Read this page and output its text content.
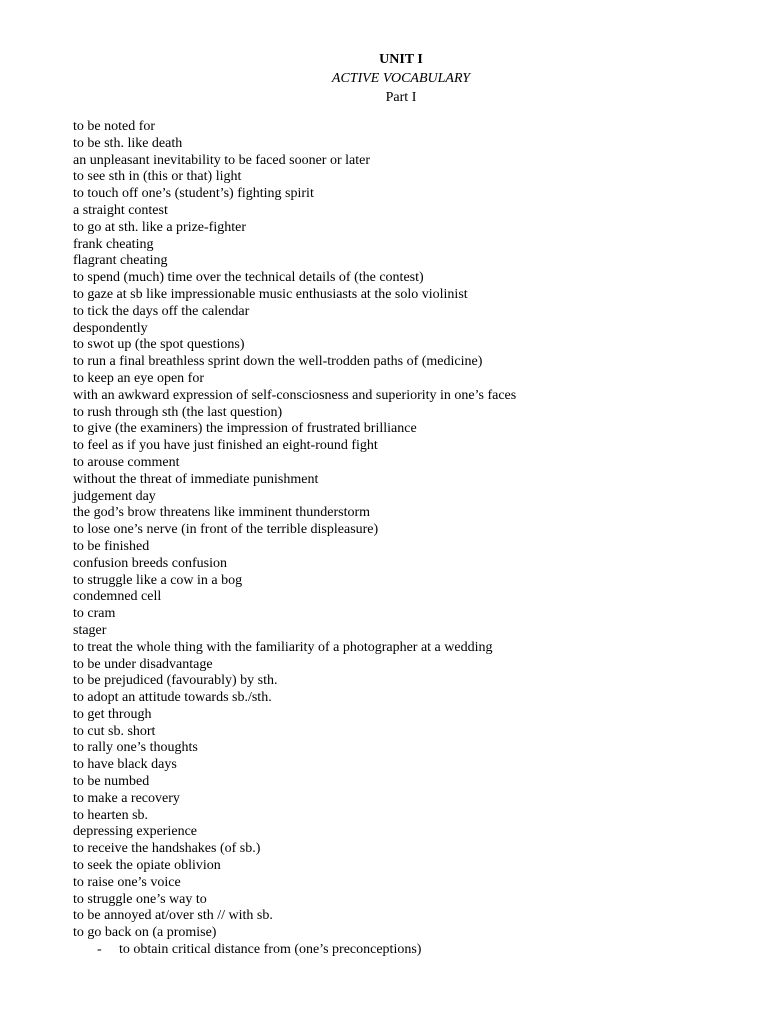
UNIT I
ACTIVE VOCABULARY
Part I
to be noted for
to be sth. like death
an unpleasant inevitability to be faced sooner or later
to see sth in (this or that) light
to touch off one’s (student’s) fighting spirit
a straight contest
to go at sth. like a prize-fighter
frank cheating
flagrant cheating
to spend (much) time over the technical details of (the contest)
to gaze at sb like impressionable music enthusiasts at the solo violinist
to tick the days off the calendar
despondently
to swot up (the spot questions)
to run a final breathless sprint down the well-trodden paths of (medicine)
to keep an eye open for
with an awkward expression of self-consciosness and superiority in one’s faces
to rush through sth (the last question)
to give (the examiners) the impression of frustrated brilliance
to feel as if you have just finished an eight-round fight
to arouse comment
without the threat of immediate punishment
judgement day
the god’s brow threatens like imminent thunderstorm
to lose one’s nerve (in front of the terrible displeasure)
to be finished
confusion breeds confusion
to struggle like a cow in a bog
condemned cell
to cram
stager
to treat the whole thing with the familiarity of a photographer at a wedding
to be under disadvantage
to be prejudiced (favourably) by sth.
to adopt an attitude towards sb./sth.
to get through
to cut sb. short
to rally one’s thoughts
to have black days
to be numbed
to make a recovery
to hearten sb.
depressing experience
to receive the handshakes (of sb.)
to seek the opiate oblivion
to raise one’s voice
to struggle one’s way to
to be annoyed at/over sth // with sb.
to go back on (a promise)
- to obtain critical distance from (one’s preconceptions)
